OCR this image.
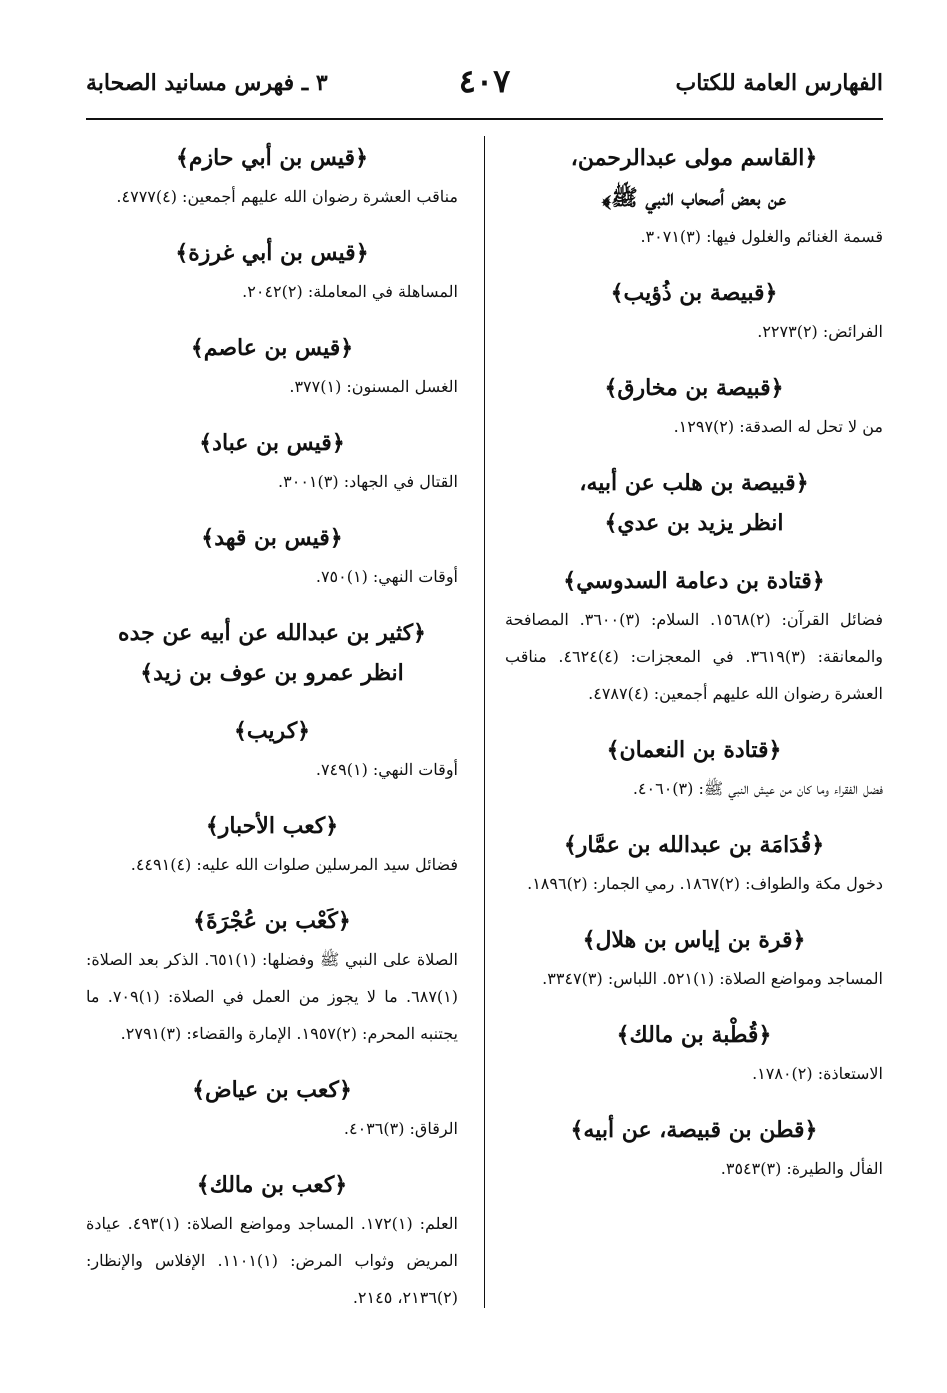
الفهارس العامة للكتاب
٤٠٧
٣ ـ فهرس مسانيد الصحابة
﴿القاسم مولى عبدالرحمن،
عن بعض أصحاب النبي ﷺ﴾
قسمة الغنائم والغلول فيها: (٣)٣٠٧١.
﴿قبيصة بن ذُؤيب﴾
الفرائض: (٢)٢٢٧٣.
﴿قبيصة بن مخارق﴾
من لا تحل له الصدقة: (٢)١٢٩٧.
﴿قبيصة بن هلب عن أبيه،
انظر يزيد بن عدي﴾
﴿قتادة بن دعامة السدوسي﴾
فضائل القرآن: (٢)١٥٦٨. السلام: (٣)٣٦٠٠. المصافحة والمعانقة: (٣)٣٦١٩. في المعجزات: (٤)٤٦٢٤. مناقب العشرة رضوان الله عليهم أجمعين: (٤)٤٧٨٧.
﴿قتادة بن النعمان﴾
فضل الفقراء وما كان من عيش النبي ﷺ: (٣)٤٠٦٠.
﴿قُدَامَة بن عبدالله بن عمَّار﴾
دخول مكة والطواف: (٢)١٨٦٧. رمي الجمار: (٢)١٨٩٦.
﴿قرة بن إياس بن هلال﴾
المساجد ومواضع الصلاة: (١)٥٢١. اللباس: (٣)٣٣٤٧.
﴿قُطْبة بن مالك﴾
الاستعاذة: (٢)١٧٨٠.
﴿قطن بن قبيصة، عن أبيه﴾
الفأل والطيرة: (٣)٣٥٤٣.
﴿قيس بن أبي حازم﴾
مناقب العشرة رضوان الله عليهم أجمعين: (٤)٤٧٧٧.
﴿قيس بن أبي غرزة﴾
المساهلة في المعاملة: (٢)٢٠٤٢.
﴿قيس بن عاصم﴾
الغسل المسنون: (١)٣٧٧.
﴿قيس بن عباد﴾
القتال في الجهاد: (٣)٣٠٠١.
﴿قيس بن قهد﴾
أوقات النهي: (١)٧٥٠.
﴿كثير بن عبدالله عن أبيه عن جده
انظر عمرو بن عوف بن زيد﴾
﴿كريب﴾
أوقات النهي: (١)٧٤٩.
﴿كعب الأحبار﴾
فضائل سيد المرسلين صلوات الله عليه: (٤)٤٤٩١.
﴿كَعْب بن عُجْرَةَ﴾
الصلاة على النبي ﷺ وفضلها: (١)٦٥١. الذكر بعد الصلاة: (١)٦٨٧. ما لا يجوز من العمل في الصلاة: (١)٧٠٩. ما يجتنبه المحرم: (٢)١٩٥٧. الإمارة والقضاء: (٣)٢٧٩١.
﴿كعب بن عياض﴾
الرقاق: (٣)٤٠٣٦.
﴿كعب بن مالك﴾
العلم: (١)١٧٢. المساجد ومواضع الصلاة: (١)٤٩٣. عيادة المريض وثواب المرض: (١)١١٠١. الإفلاس والإنظار: (٢)٢١٣٦، ٢١٤٥.
